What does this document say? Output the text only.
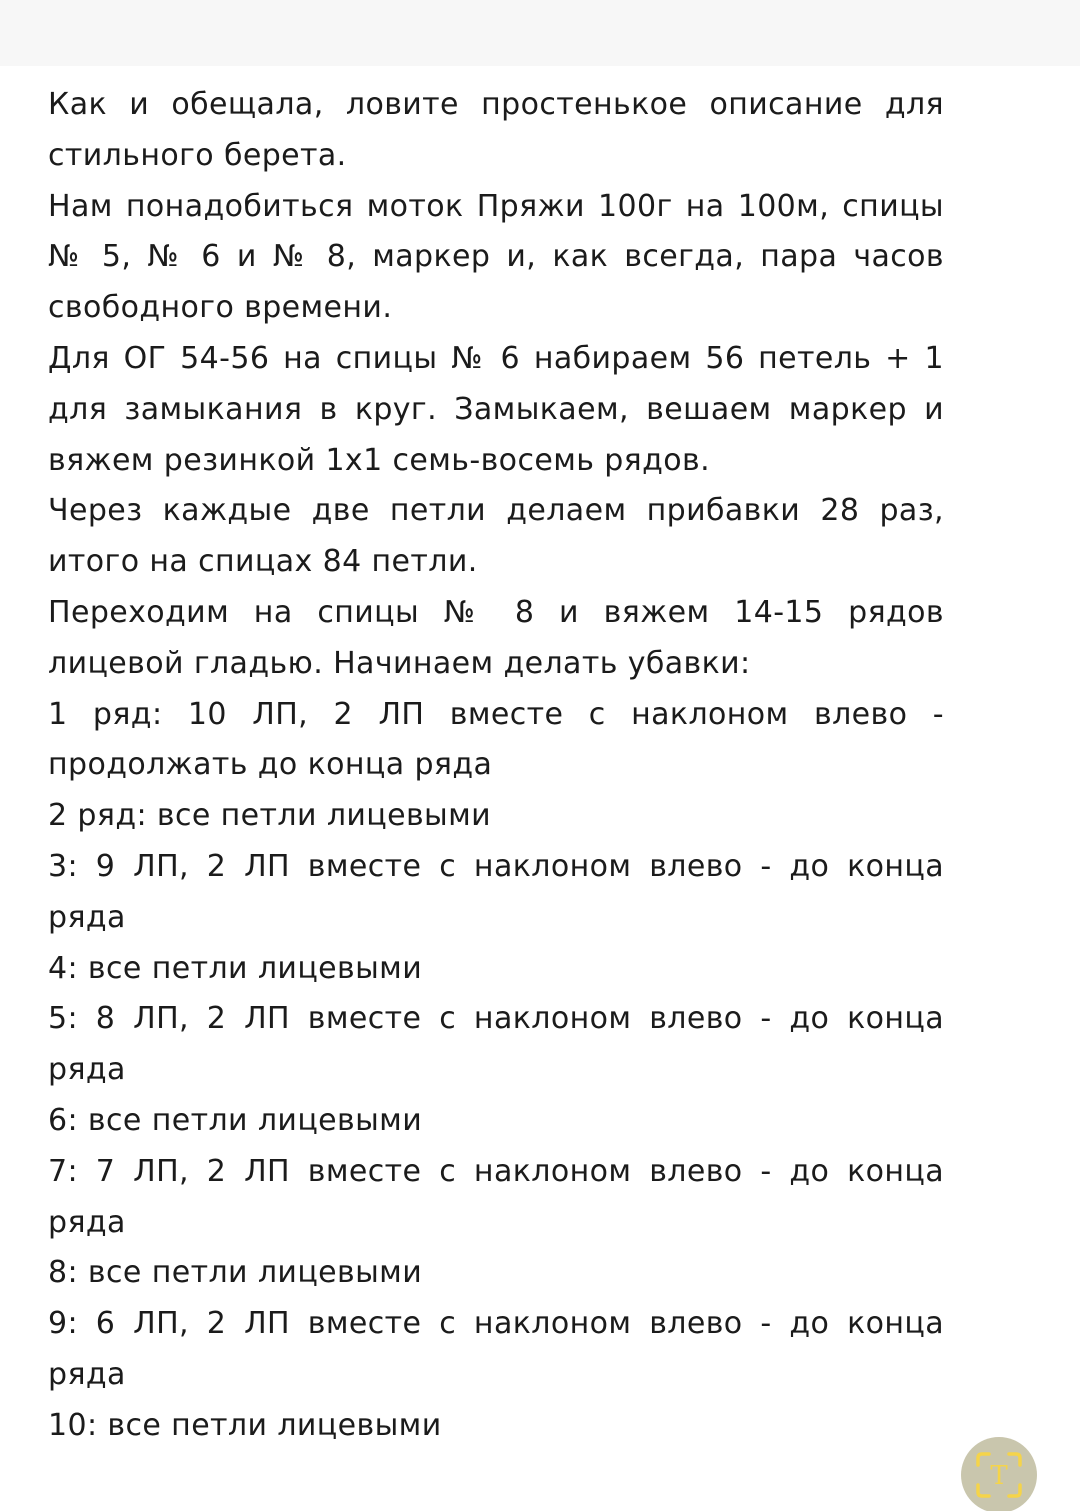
Как и обещала, ловите простенькое описание для стильного берета.

Нам понадобиться моток Пряжи 100г на 100м, спицы № 5, № 6 и № 8, маркер и, как всегда, пара часов свободного времени.

Для ОГ 54-56 на спицы № 6 набираем 56 петель + 1 для замыкания в круг. Замыкаем, вешаем маркер и вяжем резинкой 1х1 семь-восемь рядов.

Через каждые две петли делаем прибавки 28 раз, итого на спицах 84 петли.

Переходим на спицы № 8 и вяжем 14-15 рядов лицевой гладью. Начинаем делать убавки:

1 ряд: 10 ЛП, 2 ЛП вместе с наклоном влево - продолжать до конца ряда

2 ряд: все петли лицевыми

3: 9 ЛП, 2 ЛП вместе с наклоном влево - до конца ряда

4: все петли лицевыми

5: 8 ЛП, 2 ЛП вместе с наклоном влево - до конца ряда

6: все петли лицевыми

7: 7 ЛП, 2 ЛП вместе с наклоном влево - до конца ряда

8: все петли лицевыми

9: 6 ЛП, 2 ЛП вместе с наклоном влево - до конца ряда

10: все петли лицевыми

T
